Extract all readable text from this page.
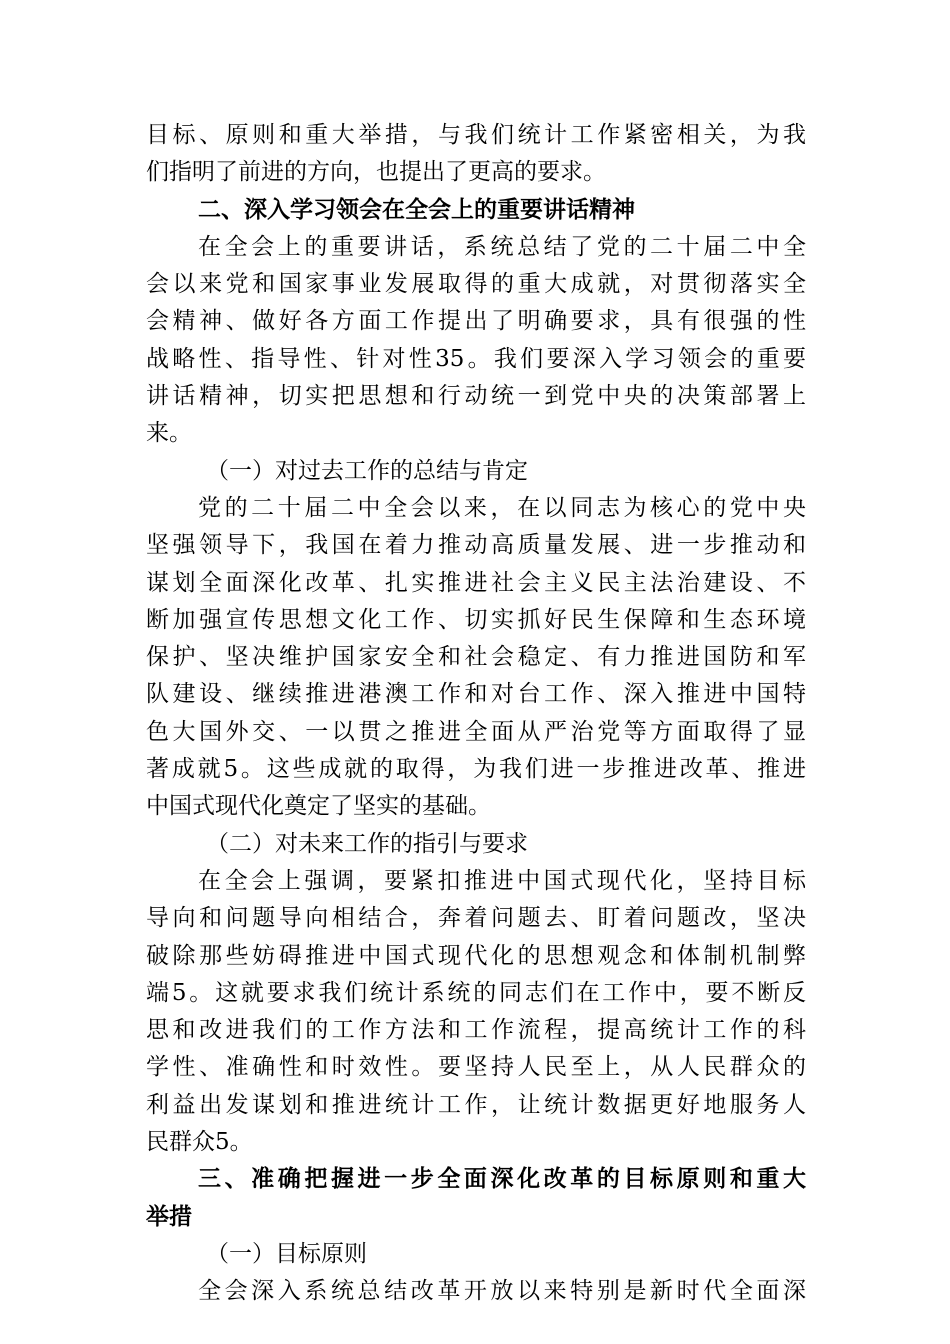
目标、原则和重大举措，与我们统计工作紧密相关，为我
们指明了前进的方向，也提出了更高的要求。
二、深入学习领会在全会上的重要讲话精神
在全会上的重要讲话，系统总结了党的二十届二中全
会以来党和国家事业发展取得的重大成就，对贯彻落实全
会精神、做好各方面工作提出了明确要求，具有很强的性
战略性、指导性、针对性35。我们要深入学习领会的重要
讲话精神，切实把思想和行动统一到党中央的决策部署上
来。
（一）对过去工作的总结与肯定
党的二十届二中全会以来，在以同志为核心的党中央
坚强领导下，我国在着力推动高质量发展、进一步推动和
谋划全面深化改革、扎实推进社会主义民主法治建设、不
断加强宣传思想文化工作、切实抓好民生保障和生态环境
保护、坚决维护国家安全和社会稳定、有力推进国防和军
队建设、继续推进港澳工作和对台工作、深入推进中国特
色大国外交、一以贯之推进全面从严治党等方面取得了显
著成就5。这些成就的取得，为我们进一步推进改革、推进
中国式现代化奠定了坚实的基础。
（二）对未来工作的指引与要求
在全会上强调，要紧扣推进中国式现代化，坚持目标
导向和问题导向相结合，奔着问题去、盯着问题改，坚决
破除那些妨碍推进中国式现代化的思想观念和体制机制弊
端5。这就要求我们统计系统的同志们在工作中，要不断反
思和改进我们的工作方法和工作流程，提高统计工作的科
学性、准确性和时效性。要坚持人民至上，从人民群众的
利益出发谋划和推进统计工作，让统计数据更好地服务人
民群众5。
三、准确把握进一步全面深化改革的目标原则和重大
举措
（一）目标原则
全会深入系统总结改革开放以来特别是新时代全面深
